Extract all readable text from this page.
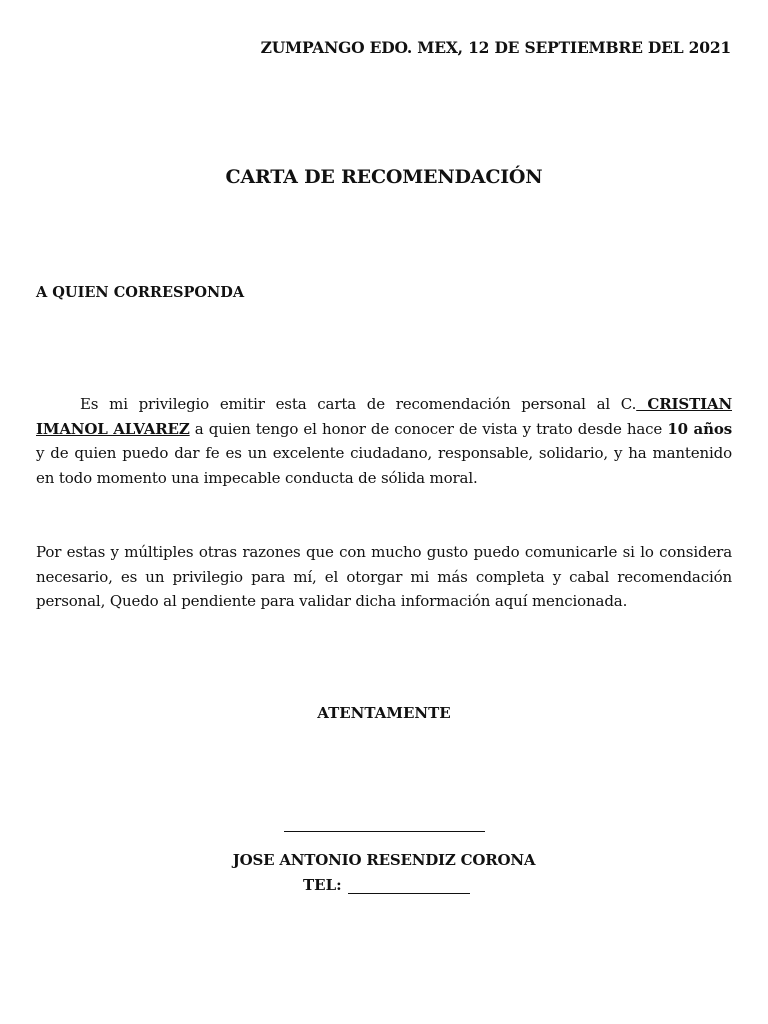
ZUMPANGO EDO. MEX, 12 DE SEPTIEMBRE DEL 2021
CARTA DE RECOMENDACIÓN
A QUIEN CORRESPONDA
Es mi privilegio emitir esta carta de recomendación personal al C. CRISTIAN IMANOL ALVAREZ a quien tengo el honor de conocer de vista y trato desde hace 10 años y de quien puedo dar fe es un excelente ciudadano, responsable, solidario, y ha mantenido en todo momento una impecable conducta de sólida moral.
Por estas y múltiples otras razones que con mucho gusto puedo comunicarle si lo considera necesario, es un privilegio para mí, el otorgar mi más completa y cabal recomendación personal, Quedo al pendiente para validar dicha información aquí mencionada.
ATENTAMENTE
JOSE ANTONIO RESENDIZ CORONA
TEL:
